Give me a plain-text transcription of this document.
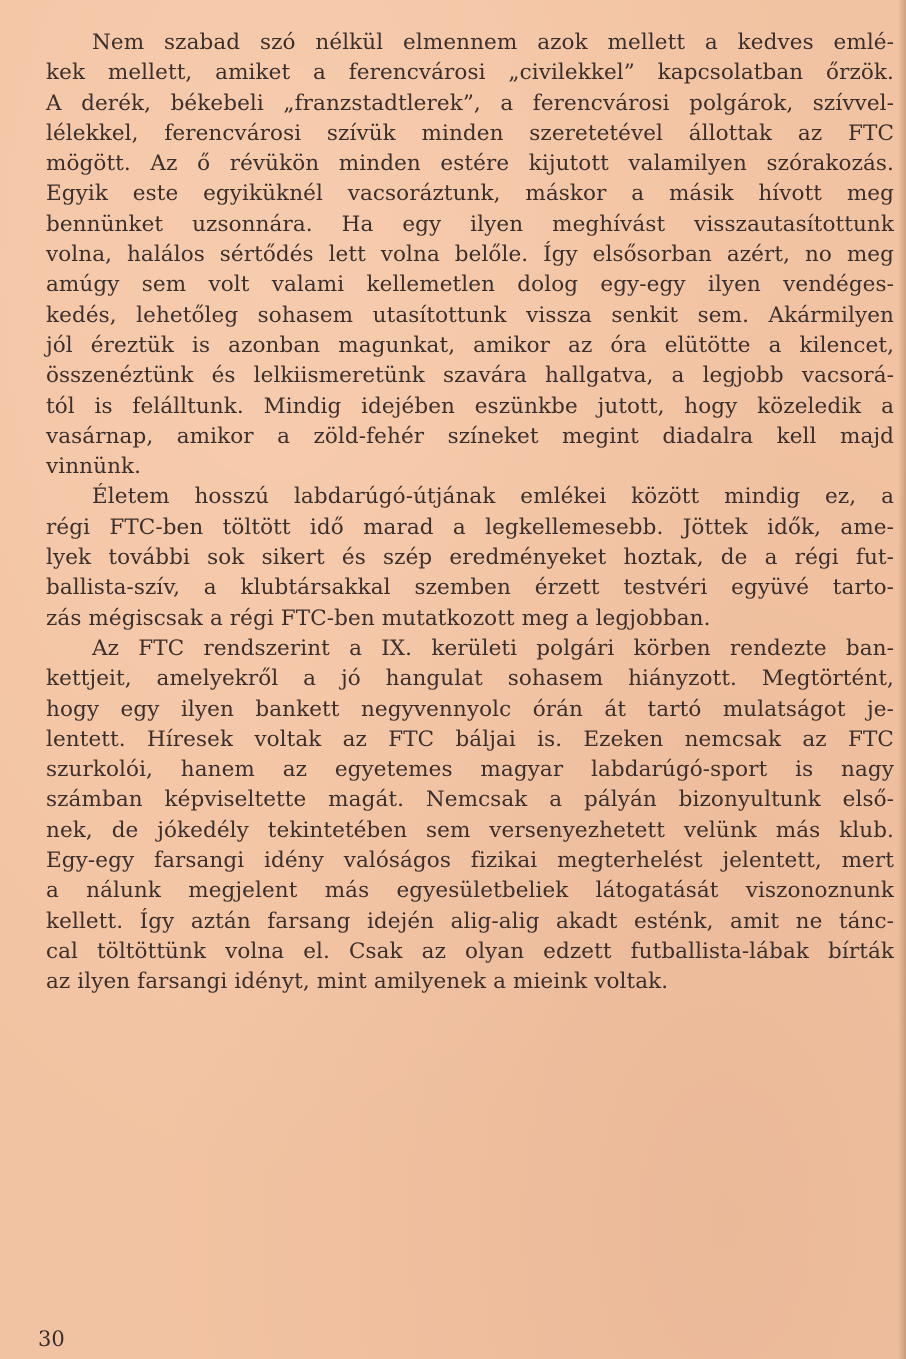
Nem szabad szó nélkül elmennem azok mellett a kedves emlé-
kek mellett, amiket a ferencvárosi „civilekkel” kapcsolatban őrzök.
A derék, békebeli „franzstadtlerek”, a ferencvárosi polgárok, szívvel-
lélekkel, ferencvárosi szívük minden szeretetével állottak az FTC
mögött. Az ő révükön minden estére kijutott valamilyen szórakozás.
Egyik este egyiküknél vacsoráztunk, máskor a másik hívott meg
bennünket uzsonnára. Ha egy ilyen meghívást visszautasítottunk
volna, halálos sértődés lett volna belőle. Így elsősorban azért, no meg
amúgy sem volt valami kellemetlen dolog egy-egy ilyen vendéges-
kedés, lehetőleg sohasem utasítottunk vissza senkit sem. Akármilyen
jól éreztük is azonban magunkat, amikor az óra elütötte a kilencet,
összenéztünk és lelkiismeretünk szavára hallgatva, a legjobb vacsorá-
tól is felálltunk. Mindig idejében eszünkbe jutott, hogy közeledik a
vasárnap, amikor a zöld-fehér színeket megint diadalra kell majd
vinnünk.
Életem hosszú labdarúgó-útjának emlékei között mindig ez, a
régi FTC-ben töltött idő marad a legkellemesebb. Jöttek idők, ame-
lyek további sok sikert és szép eredményeket hoztak, de a régi fut-
ballista-szív, a klubtársakkal szemben érzett testvéri együvé tarto-
zás mégiscsak a régi FTC-ben mutatkozott meg a legjobban.
Az FTC rendszerint a IX. kerületi polgári körben rendezte ban-
kettjeit, amelyekről a jó hangulat sohasem hiányzott. Megtörtént,
hogy egy ilyen bankett negyvennyolc órán át tartó mulatságot je-
lentett. Híresek voltak az FTC báljai is. Ezeken nemcsak az FTC
szurkolói, hanem az egyetemes magyar labdarúgó-sport is nagy
számban képviseltette magát. Nemcsak a pályán bizonyultunk első-
nek, de jókedély tekintetében sem versenyezhetett velünk más klub.
Egy-egy farsangi idény valóságos fizikai megterhelést jelentett, mert
a nálunk megjelent más egyesületbeliek látogatását viszonoznunk
kellett. Így aztán farsang idején alig-alig akadt esténk, amit ne tánc-
cal töltöttünk volna el. Csak az olyan edzett futballista-lábak bírták
az ilyen farsangi idényt, mint amilyenek a mieink voltak.
30
